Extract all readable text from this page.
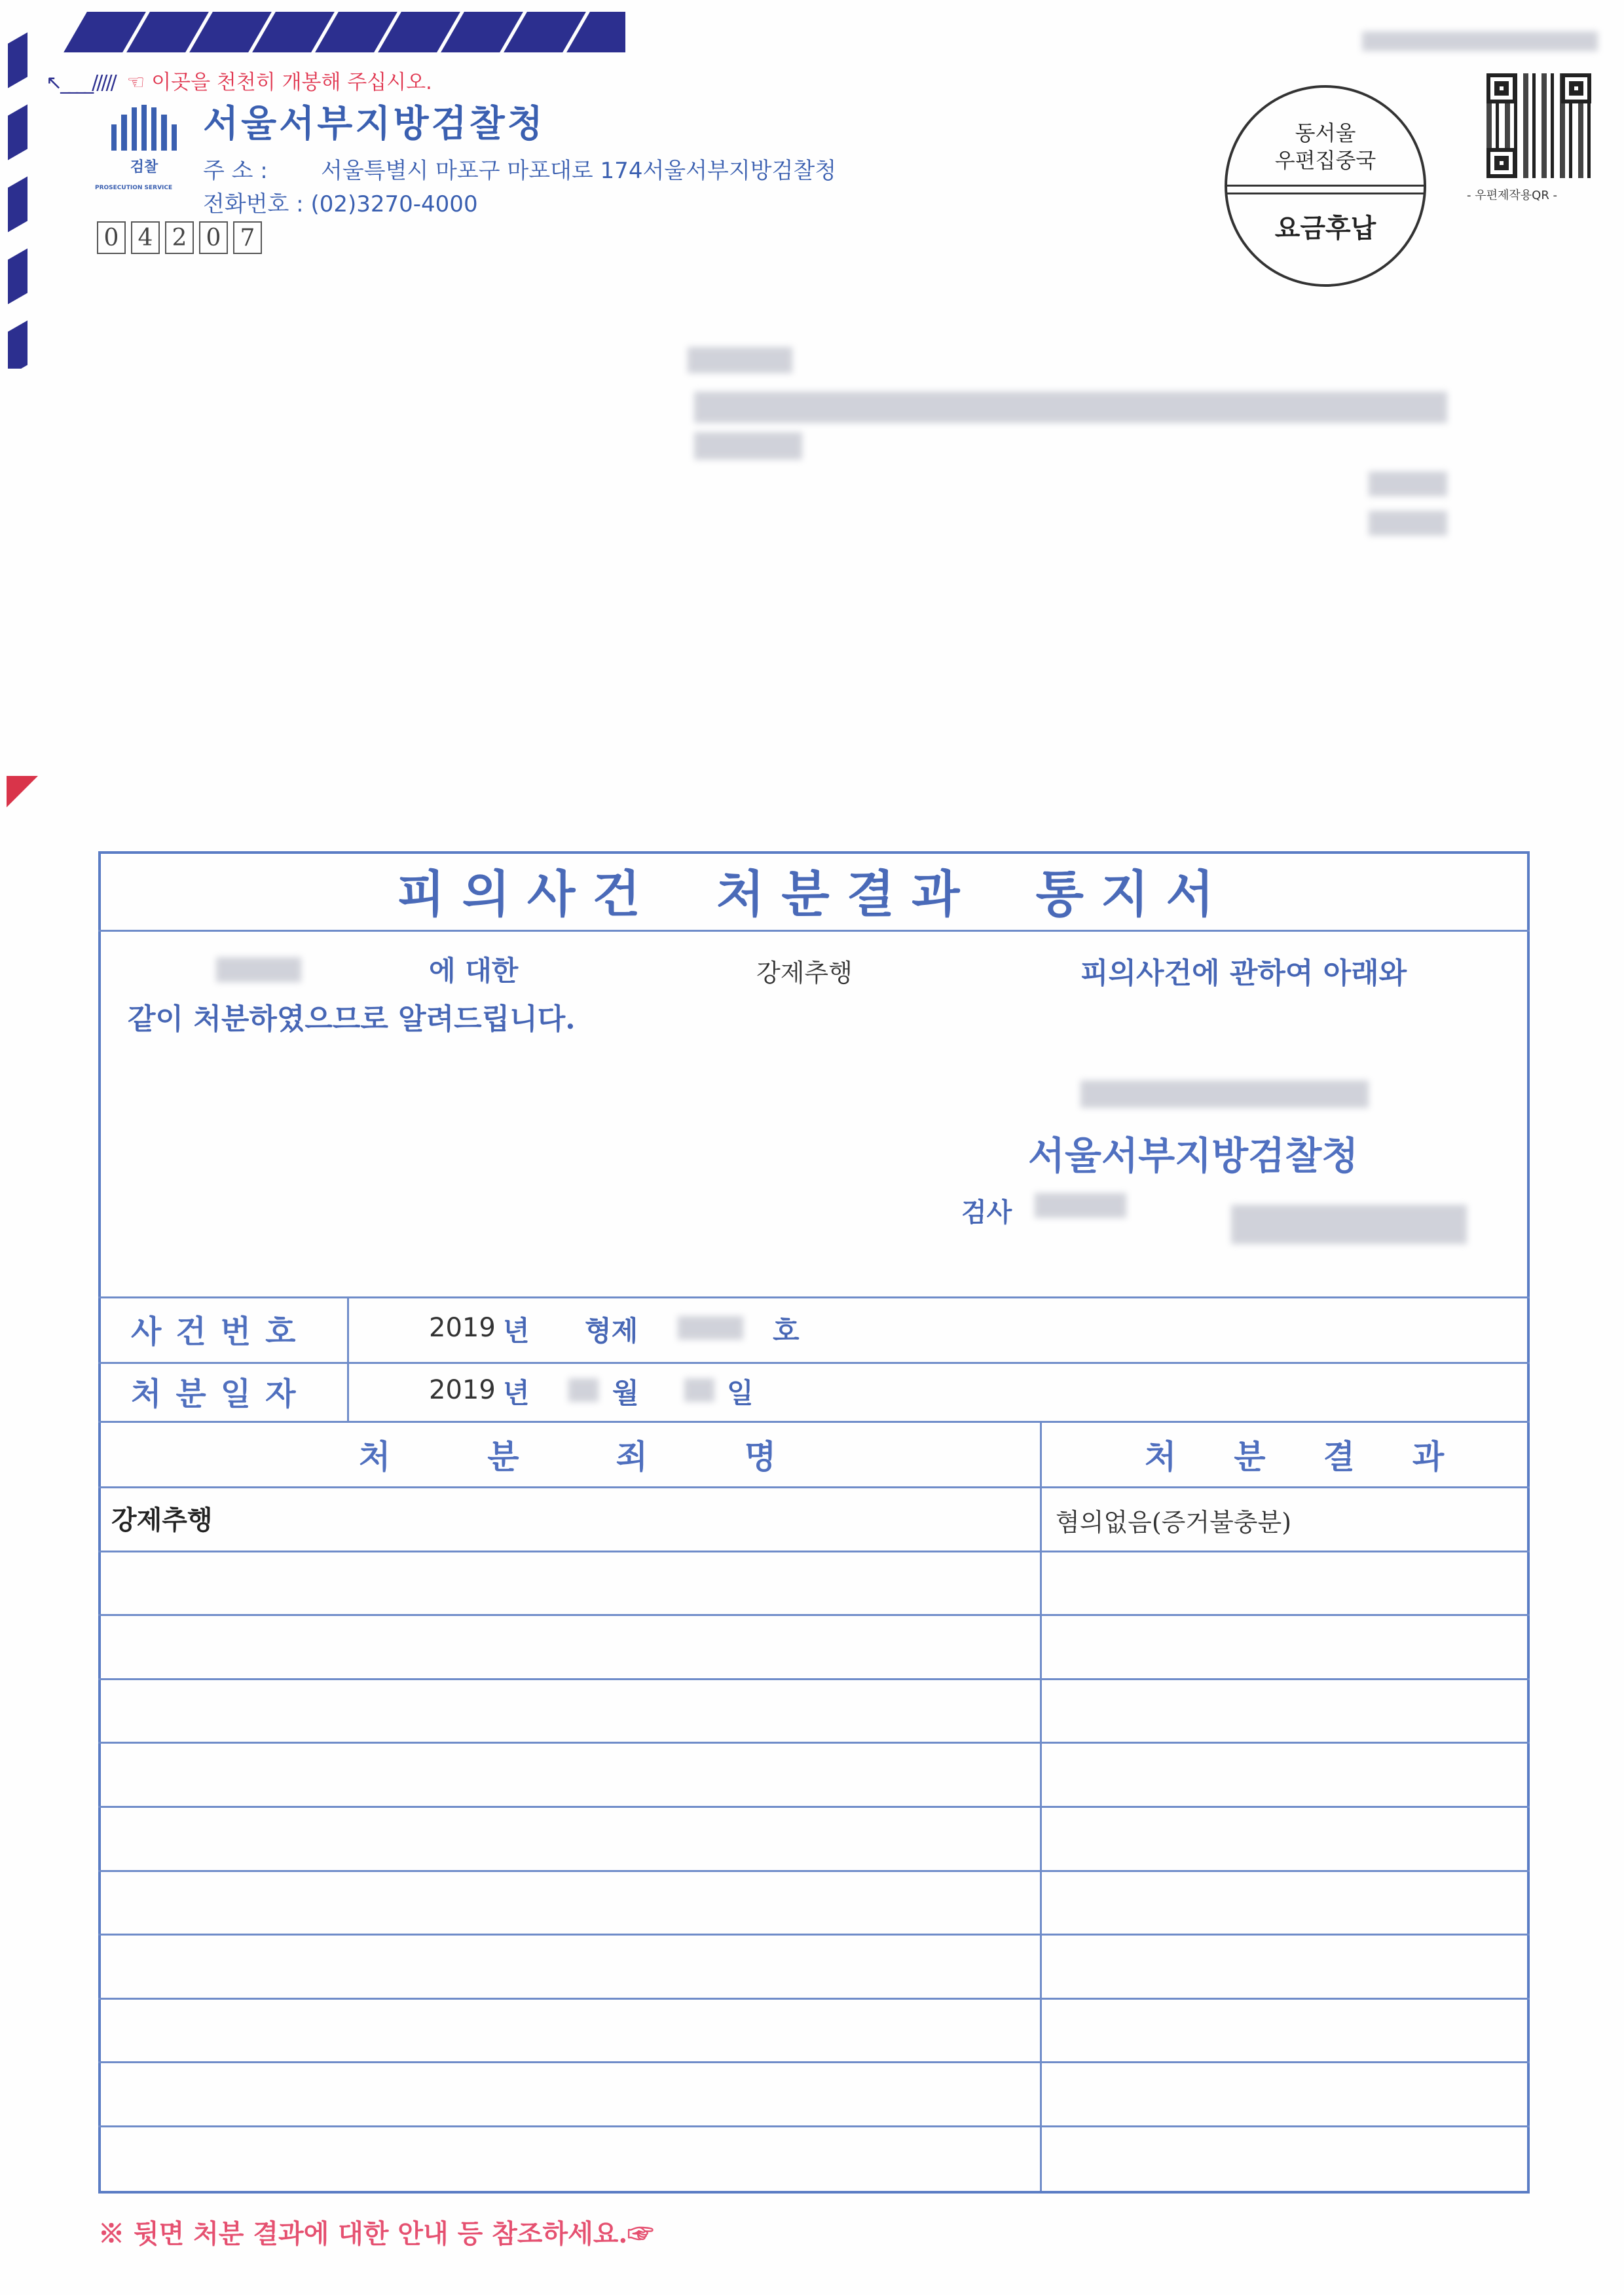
↖____///// ☜ 이곳을 천천히 개봉해 주십시오.
검찰
PROSECUTION SERVICE
서울서부지방검찰청
주 소 : 서울특별시 마포구 마포대로 174서울서부지방검찰청
전화번호 : (02)3270-4000
0 4 2 0 7
동서울
우편집중국
요금후납
- 우편제작용QR -
피의사건 처분결과 통지서
에 대한	강제추행	피의사건에 관하여 아래와
같이 처분하였으므로 알려드립니다.
서울서부지방검찰청
검사
사건번호	2019 년 형제	호
처분일자	2019 년	월	일
처분죄명	처분결과
강제추행	혐의없음(증거불충분)
※ 뒷면 처분 결과에 대한 안내 등 참조하세요.☞
